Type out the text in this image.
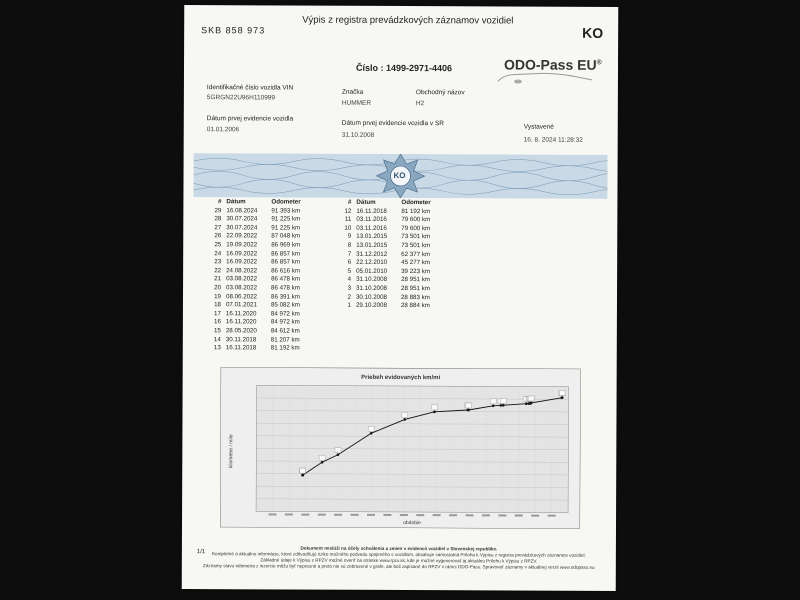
SKB 858 973
Výpis z registra prevádzkových záznamov vozidiel
KO
Číslo : 1499-2971-4406	ODO-Pass EU®
Identifikačné číslo vozidla VIN
5GRGN22U96H110999
Značka
HUMMER
Obchodný názov
H2
Dátum prvej evidencie vozidla
01.01.2006
Dátum prvej evidencie vozidla v SR
31.10.2008
Vystavené
16. 8. 2024 11:28:32
KO
# Dátum	Odometer
29 16.08.2024	91 393 km
28 30.07.2024	91 225 km
27 30.07.2024	91 225 km
26 22.09.2022	87 048 km
25 19.09.2022	86 969 km
24 16.09.2022	86 857 km
23 16.09.2022	86 857 km
22 24.08.2022	86 616 km
21 03.08.2022	86 478 km
20 03.08.2022	86 478 km
19 08.06.2022	86 391 km
18 07.01.2021	85 082 km
17 16.11.2020	84 972 km
16 16.11.2020	84 972 km
15 28.05.2020	84 612 km
14 30.11.2018	81 207 km
13 16.11.2018	81 192 km
# Dátum	Odometer
12 16.11.2018	81 192 km
11 03.11.2016	79 600 km
10 03.11.2016	79 600 km
9 13.01.2015	73 501 km
8 13.01.2015	73 501 km
7 31.12.2012	62 377 km
6 22.12.2010	45 277 km
5 05.01.2010	39 223 km
4 31.10.2008	28 951 km
3 31.10.2008	28 951 km
2 30.10.2008	28 883 km
1 29.10.2008	28 884 km
Priebeh evidovaných km/mi
obdobie
kilometre / míle
1/1
Dokument neslúži na účely schválenia a zmien v evidencii vozidiel v Slovenskej republike.
Kompletné a aktuálne informácie, ktoré zdôvodňujú riziko možného podvodu spojeného s vozidlom, obsahuje samostatná Príloha k Výpisu z registra prevádzkových záznamov vozidiel.
Základné údaje k Výpisu z RPZV možné overiť na stránke www.rpzv.sk, kde je možné vygenerovať aj aktuálnu Prílohu k Výpisu z RPZV.
Záznamy stavu odometra z inzercie môžu byť nepresné a preto nie sú zobrazené v grafe, ale boli zapísané do RPZV v rámci ODO-Pass. Spravovať záznamy v aktuálnej verzii www.odopass.eu
